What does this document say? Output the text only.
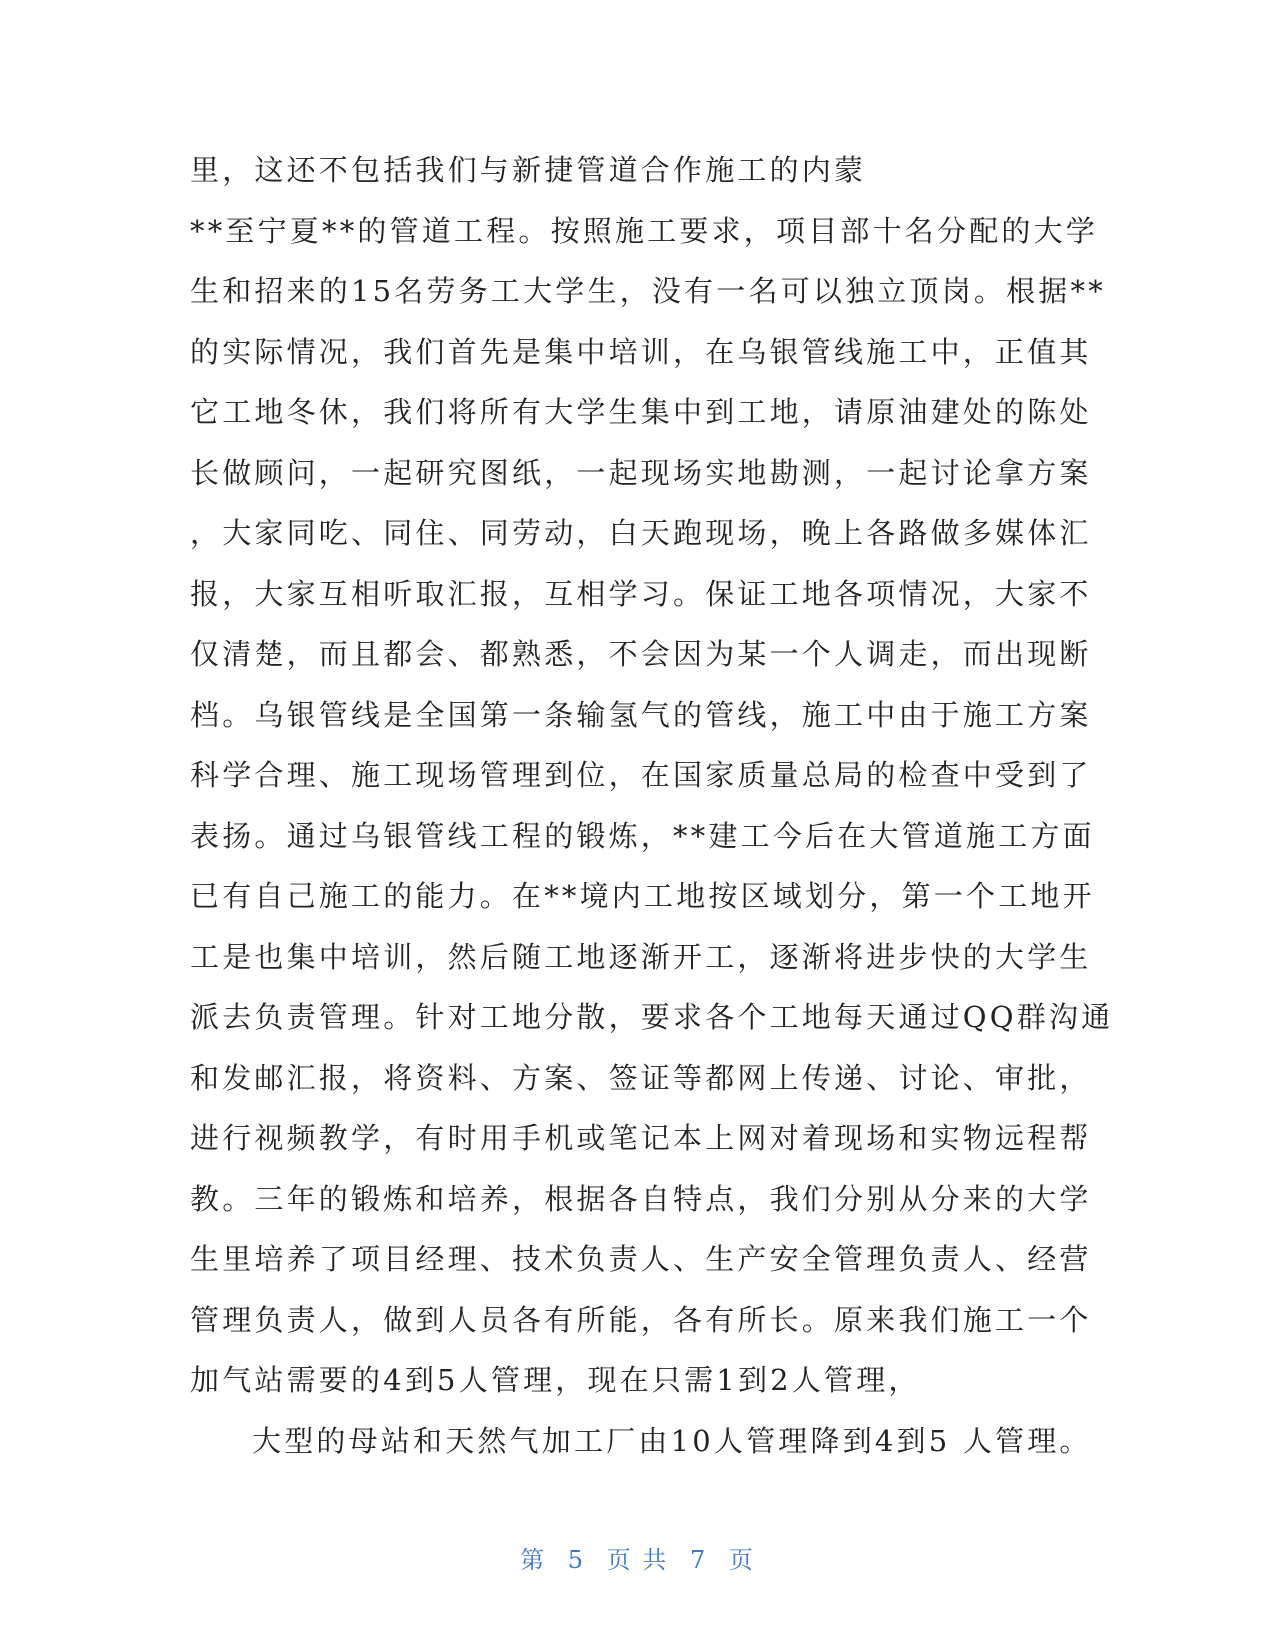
里，这还不包括我们与新捷管道合作施工的内蒙
**至宁夏**的管道工程。按照施工要求，项目部十名分配的大学
生和招来的15名劳务工大学生，没有一名可以独立顶岗。根据**
的实际情况，我们首先是集中培训，在乌银管线施工中，正值其
它工地冬休，我们将所有大学生集中到工地，请原油建处的陈处
长做顾问，一起研究图纸，一起现场实地勘测，一起讨论拿方案
，大家同吃、同住、同劳动，白天跑现场，晚上各路做多媒体汇
报，大家互相听取汇报，互相学习。保证工地各项情况，大家不
仅清楚，而且都会、都熟悉，不会因为某一个人调走，而出现断
档。乌银管线是全国第一条输氢气的管线，施工中由于施工方案
科学合理、施工现场管理到位，在国家质量总局的检查中受到了
表扬。通过乌银管线工程的锻炼，**建工今后在大管道施工方面
已有自己施工的能力。在**境内工地按区域划分，第一个工地开
工是也集中培训，然后随工地逐渐开工，逐渐将进步快的大学生
派去负责管理。针对工地分散，要求各个工地每天通过QQ群沟通
和发邮汇报，将资料、方案、签证等都网上传递、讨论、审批，
进行视频教学，有时用手机或笔记本上网对着现场和实物远程帮
教。三年的锻炼和培养，根据各自特点，我们分别从分来的大学
生里培养了项目经理、技术负责人、生产安全管理负责人、经营
管理负责人，做到人员各有所能，各有所长。原来我们施工一个
加气站需要的4到5人管理，现在只需1到2人管理，
大型的母站和天然气加工厂由10人管理降到4到5 人管理。
第 5 页 共 7 页
